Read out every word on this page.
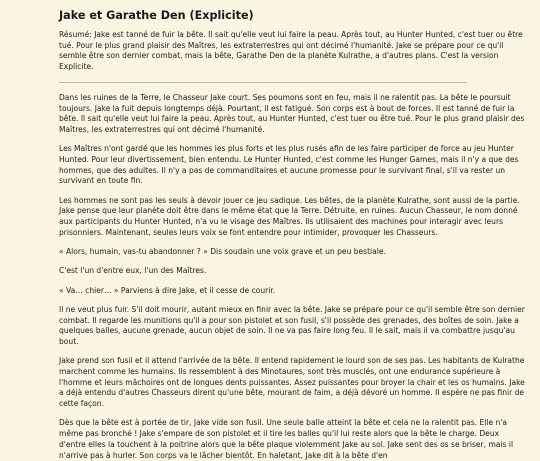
Jake et Garathe Den (Explicite)

Résumé: Jake est tanné de fuir la bête. Il sait qu'elle veut lui faire la peau. Après tout, au Hunter Hunted, c'est tuer ou être tué. Pour le plus grand plaisir des Maîtres, les extraterrestres qui ont décimé l'humanité. Jake se prépare pour ce qu'il semble être son dernier combat, mais la bête, Garathe Den de la planète Kulrathe, a d'autres plans. C'est la version Explicite.

Dans les ruines de la Terre, le Chasseur Jake court. Ses poumons sont en feu, mais il ne ralentit pas. La bête le poursuit toujours. Jake la fuit depuis longtemps déjà. Pourtant, il est fatigué. Son corps est à bout de forces. Il est tanné de fuir la bête. Il sait qu'elle veut lui faire la peau. Après tout, au Hunter Hunted, c'est tuer ou être tué. Pour le plus grand plaisir des Maîtres, les extraterrestres qui ont décimé l'humanité.

Les Maîtres n'ont gardé que les hommes les plus forts et les plus rusés afin de les faire participer de force au jeu Hunter Hunted. Pour leur divertissement, bien entendu. Le Hunter Hunted, c'est comme les Hunger Games, mais il n'y a que des hommes, que des adultes. Il n'y a pas de commanditaires et aucune promesse pour le survivant final, s'il va rester un survivant en toute fin.

Les hommes ne sont pas les seuls à devoir jouer ce jeu sadique. Les bêtes, de la planète Kulrathe, sont aussi de la partie. Jake pense que leur planète doit être dans le même état que la Terre. Détruite, en ruines. Aucun Chasseur, le nom donné aux participants du Hunter Hunted, n'a vu le visage des Maîtres. Ils utilisaient des machines pour interagir avec leurs prisonniers. Maintenant, seules leurs voix se font entendre pour intimider, provoquer les Chasseurs.

« Alors, humain, vas-tu abandonner ? » Dis soudain une voix grave et un peu bestiale.

C'est l'un d'entre eux, l'un des Maîtres.

« Va… chier… » Parviens à dire Jake, et il cesse de courir.

Il ne veut plus fuir. S'il doit mourir, autant mieux en finir avec la bête. Jake se prépare pour ce qu'il semble être son dernier combat. Il regarde les munitions qu'il a pour son pistolet et son fusil, s'il possède des grenades, des boîtes de soin. Jake a quelques balles, aucune grenade, aucun objet de soin. Il ne va pas faire long feu. Il le sait, mais il va combattre jusqu'au bout.

Jake prend son fusil et il attend l'arrivée de la bête. Il entend rapidement le lourd son de ses pas. Les habitants de Kulrathe marchent comme les humains. Ils ressemblent à des Minotaures, sont très musclés, ont une endurance supérieure à l'homme et leurs mâchoires ont de longues dents puissantes. Assez puissantes pour broyer la chair et les os humains. Jake a déjà entendu d'autres Chasseurs dirent qu'une bête, mourant de faim, a déjà dévoré un homme. Il espère ne pas finir de cette façon.

Dès que la bête est à portée de tir, Jake vide son fusil. Une seule balle atteint la bête et cela ne la ralentit pas. Elle n'a même pas bronché ! Jake s'empare de son pistolet et il tire les balles qu'il lui reste alors que la bête le charge. Deux d'entre elles la touchent à la poitrine alors que la bête plaque violemment Jake au sol. Jake sent des os se briser, mais il n'arrive pas à hurler. Son corps va le lâcher bientôt. En haletant, Jake dit à la bête d'en
